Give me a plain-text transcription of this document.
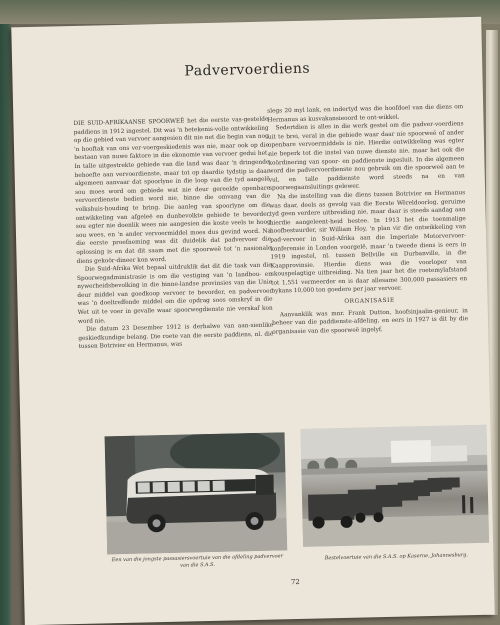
Padvervoerdiens

DIE SUID-AFRIKAANSE SPOORWEË het die eerste vas-gestelde paddiens in 1912 ingestel. Dit was 'n betekenis-volle ontwikkeling op die gebied van vervoer aangesien dit nie net die begin van nog 'n hooftak van ons ver-voergeskiedenis was nie, maar ook op die bestaan van nuwe faktore in die ekonomie van vervoer gedui het. In talle uitgestrekte gebiede van die land was daar 'n dringende behoefte aan vervoerdienste, maar tot op daardie tydstip is daar algemeen aanvaar dat spoorlyne in die loop van die tyd aangelê sou moes word om gebiede wat nie deur gereelde openbare vervoerdienste bedien word nie, binne die omvang van die volkshuis-houding te bring. Die aanleg van spoorlyne om die ontwikkeling van afgeleë en dunbevolkte gebiede te bevorder, sou egter nie doenlik wees nie aangesien die koste veels te hoog sou wees, en 'n ander vervoermiddel moes dus gevind word. Na die eerste proefneming was dit duidelik dat padvervoer die oplossing is en dat dit saam met die spoorweë tot 'n nasionale diens gekoör-dineer kon word.

Die Suid-Afrika Wet bepaal uitdruklik dat dit die taak van die Spoorwegadministrasie is om die vestiging van 'n landbou- en nywerheidsbevolking in die binne-landse provinsies van die Unie deur middel van goedkoop vervoer te bevorder, en padvervoer was 'n doeltreffende middel om die opdrag soos omskryf in die Wet uit te voer in gevalle waar spoorwegdienste nie verskaf kon word nie.

Die datum 23 Desember 1912 is derhalwe van aan-sienlike geskiedkundige belang. Die roete van die eerste paddiens, nl. dié tussen Botrivier en Hermanus, was

slegs 20 myl lank, en indertyd was die hoofdoel van die diens om Hermanus as kusvakansieoord te ont-wikkel.

Sedertdien is alles in die werk gestel om die padver-voerdiens uit te brei, veral in die gebiede waar daar nie spoorweë of ander openbare vervoermiddels is nie. Hierdie ontwikkeling was egter nie beperk tot die instel van nuwe dienste nie, maar het ook die koördinering van spoor- en paddienste ingesluit. In die algemeen word die padvervoerdienste nou gebruik om die spoorweë aan te vul, en talle paddienste word steeds na en van spoorwegaansluitings gelewer.

Na die instelling van die diens tussen Botrivier en Hermanus was daar, deels as gevolg van die Eerste Wêreldoorlog, geruime tyd geen verdere uitbreiding nie, maar daar is steeds aandag aan hierdie aangeleent-heid bestee. In 1913 het die toenmalige hoofbestuurder, sir William Hoy, 'n plan vir die ontwikkeling van pad-vervoer in Suid-Afrika aan die Imperiale Motorvervoer-konferensie in Londen voorgelê, maar 'n tweede diens is eers in 1919 ingestel, nl. tussen Bellville en Durbanville, in die Kaapprovinsie. Hierdie diens was die voorloper van skouspelagtige uitbreiding. Na tien jaar het die roetemylafstand tot 1,551 vermeerder en is daar allesame 300,000 passasiers en bykans 10,000 ton goedere per jaar vervoer.

ORGANISASIE

Aanvanklik was mnr. Frank Dutton, hoofsinjaalin-genieur, in beheer van die paddienste-afdeling, en eers in 1927 is dit by die organisasie van die spoorweë ingelyf.

Een van die jongste passasiersvoertuie van die afdeling padvervoer van die S.A.S.
Bestelvoertuie van die S.A.S. op Kaserne, Johannesburg.
72
